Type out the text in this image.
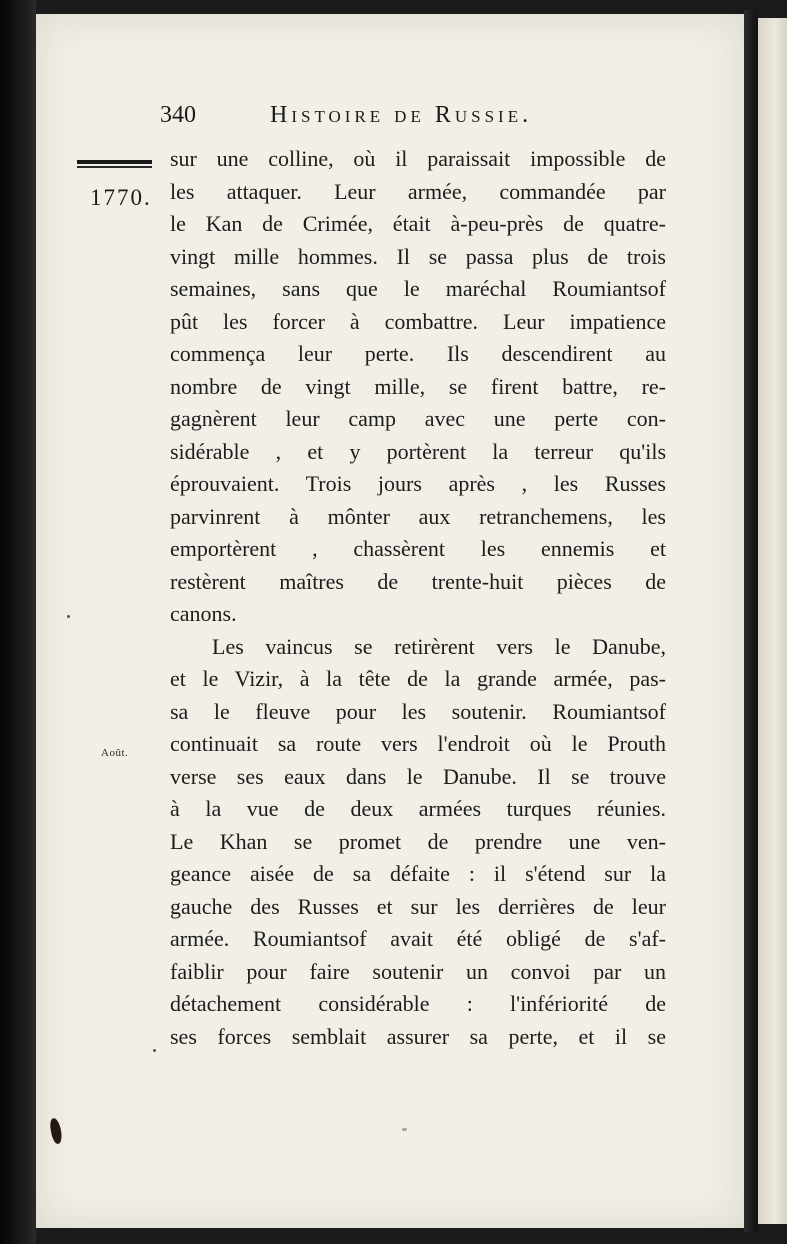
340	Histoire de Russie.
1770.
Août.
sur une colline, où il paraissait impossible de
les attaquer. Leur armée, commandée par
le Kan de Crimée, était à-peu-près de quatre-
vingt mille hommes. Il se passa plus de trois
semaines, sans que le maréchal Roumiantsof
pût les forcer à combattre. Leur impatience
commença leur perte. Ils descendirent au
nombre de vingt mille, se firent battre, re-
gagnèrent leur camp avec une perte con-
sidérable , et y portèrent la terreur qu'ils
éprouvaient. Trois jours après , les Russes
parvinrent à mônter aux retranchemens, les
emportèrent , chassèrent les ennemis et
restèrent maîtres de trente-huit pièces de
canons.
Les vaincus se retirèrent vers le Danube,
et le Vizir, à la tête de la grande armée, pas-
sa le fleuve pour les soutenir. Roumiantsof
continuait sa route vers l'endroit où le Prouth
verse ses eaux dans le Danube. Il se trouve
à la vue de deux armées turques réunies.
Le Khan se promet de prendre une ven-
geance aisée de sa défaite : il s'étend sur la
gauche des Russes et sur les derrières de leur
armée. Roumiantsof avait été obligé de s'af-
faiblir pour faire soutenir un convoi par un
détachement considérable : l'infériorité de
ses forces semblait assurer sa perte, et il se
